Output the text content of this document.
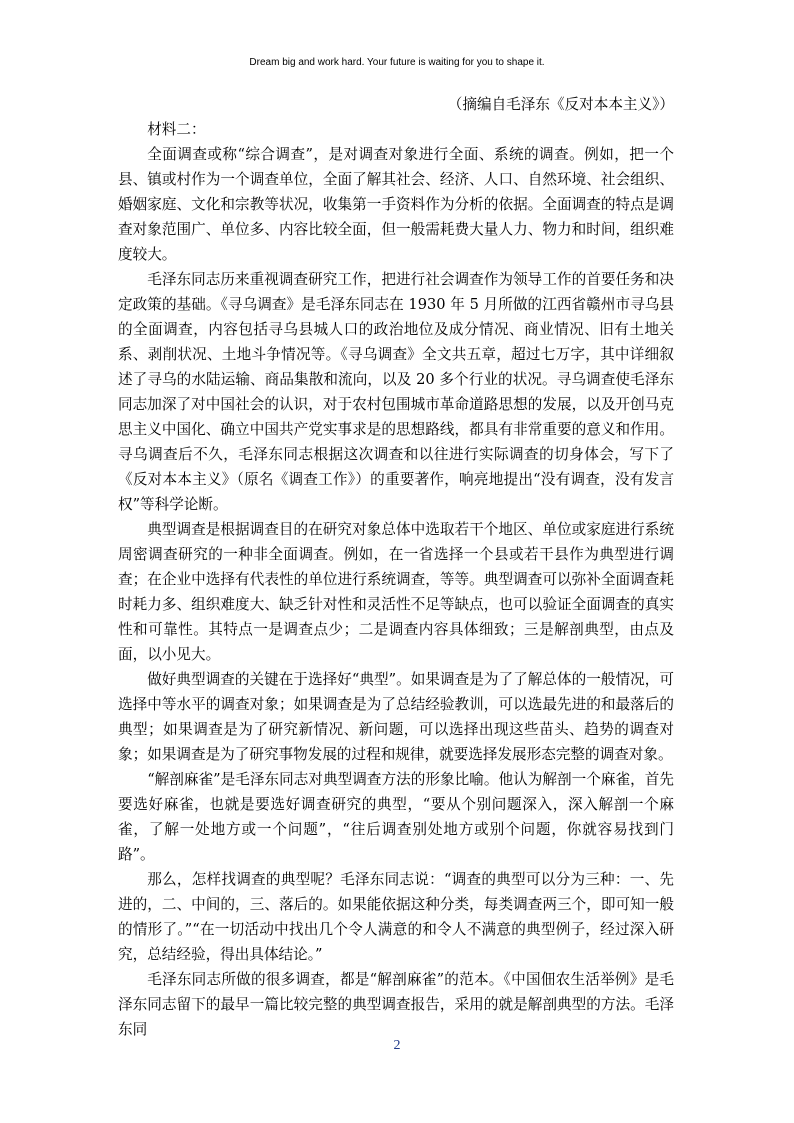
Dream big and work hard. Your future is waiting for you to shape it.

（摘编自毛泽东《反对本本主义》）

材料二：

全面调查或称“综合调查”，是对调查对象进行全面、系统的调查。例如，把一个县、镇或村作为一个调查单位，全面了解其社会、经济、人口、自然环境、社会组织、婚姻家庭、文化和宗教等状况，收集第一手资料作为分析的依据。全面调查的特点是调查对象范围广、单位多、内容比较全面，但一般需耗费大量人力、物力和时间，组织难度较大。

毛泽东同志历来重视调查研究工作，把进行社会调查作为领导工作的首要任务和决定政策的基础。《寻乌调查》是毛泽东同志在 1930 年 5 月所做的江西省赣州市寻乌县的全面调查，内容包括寻乌县城人口的政治地位及成分情况、商业情况、旧有土地关系、剥削状况、土地斗争情况等。《寻乌调查》全文共五章，超过七万字，其中详细叙述了寻乌的水陆运输、商品集散和流向，以及 20 多个行业的状况。寻乌调查使毛泽东同志加深了对中国社会的认识，对于农村包围城市革命道路思想的发展，以及开创马克思主义中国化、确立中国共产党实事求是的思想路线，都具有非常重要的意义和作用。寻乌调查后不久，毛泽东同志根据这次调查和以往进行实际调查的切身体会，写下了《反对本本主义》（原名《调查工作》）的重要著作，响亮地提出“没有调查，没有发言权”等科学论断。

典型调查是根据调查目的在研究对象总体中选取若干个地区、单位或家庭进行系统周密调查研究的一种非全面调查。例如，在一省选择一个县或若干县作为典型进行调查；在企业中选择有代表性的单位进行系统调查，等等。典型调查可以弥补全面调查耗时耗力多、组织难度大、缺乏针对性和灵活性不足等缺点，也可以验证全面调查的真实性和可靠性。其特点一是调查点少；二是调查内容具体细致；三是解剖典型，由点及面，以小见大。

做好典型调查的关键在于选择好“典型”。如果调查是为了了解总体的一般情况，可选择中等水平的调查对象；如果调查是为了总结经验教训，可以选最先进的和最落后的典型；如果调查是为了研究新情况、新问题，可以选择出现这些苗头、趋势的调查对象；如果调查是为了研究事物发展的过程和规律，就要选择发展形态完整的调查对象。

“解剖麻雀”是毛泽东同志对典型调查方法的形象比喻。他认为解剖一个麻雀，首先要选好麻雀，也就是要选好调查研究的典型，“要从个别问题深入，深入解剖一个麻雀，了解一处地方或一个问题”，“往后调查别处地方或别个问题，你就容易找到门路”。

那么，怎样找调查的典型呢？毛泽东同志说：“调查的典型可以分为三种：一、先进的，二、中间的，三、落后的。如果能依据这种分类，每类调查两三个，即可知一般的情形了。”“在一切活动中找出几个令人满意的和令人不满意的典型例子，经过深入研究，总结经验，得出具体结论。”

毛泽东同志所做的很多调查，都是“解剖麻雀”的范本。《中国佃农生活举例》是毛泽东同志留下的最早一篇比较完整的典型调查报告，采用的就是解剖典型的方法。毛泽东同

2
